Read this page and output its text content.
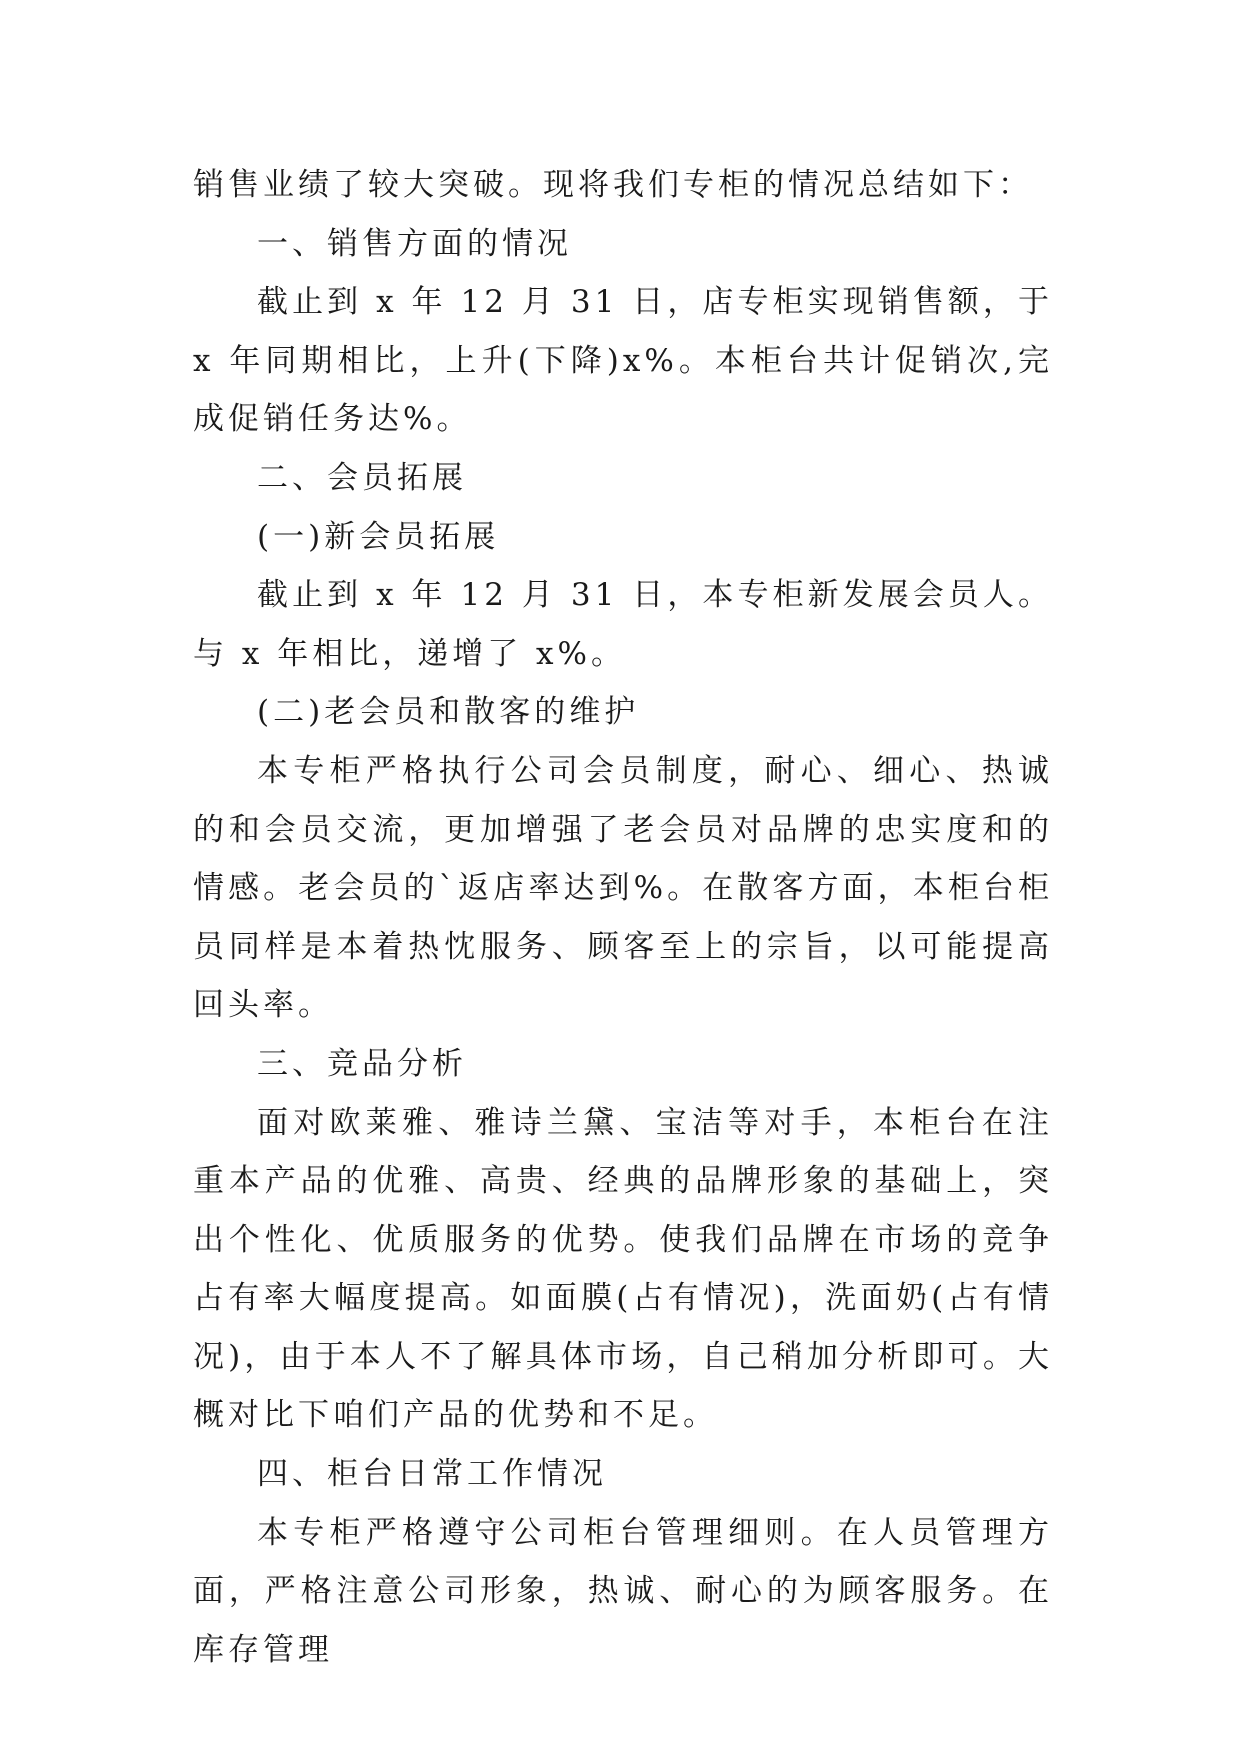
销售业绩了较大突破。现将我们专柜的情况总结如下：

一、销售方面的情况

截止到 x 年 12 月 31 日，店专柜实现销售额，于 x 年同期相比，上升(下降)x%。本柜台共计促销次,完成促销任务达%。

二、会员拓展

(一)新会员拓展

截止到 x 年 12 月 31 日，本专柜新发展会员人。与 x 年相比，递增了 x%。

(二)老会员和散客的维护

本专柜严格执行公司会员制度，耐心、细心、热诚的和会员交流，更加增强了老会员对品牌的忠实度和的情感。老会员的`返店率达到%。在散客方面，本柜台柜员同样是本着热忱服务、顾客至上的宗旨，以可能提高回头率。

三、竞品分析

面对欧莱雅、雅诗兰黛、宝洁等对手，本柜台在注重本产品的优雅、高贵、经典的品牌形象的基础上，突出个性化、优质服务的优势。使我们品牌在市场的竞争占有率大幅度提高。如面膜(占有情况)，洗面奶(占有情况)，由于本人不了解具体市场，自己稍加分析即可。大概对比下咱们产品的优势和不足。

四、柜台日常工作情况

本专柜严格遵守公司柜台管理细则。在人员管理方面，严格注意公司形象，热诚、耐心的为顾客服务。在库存管理
